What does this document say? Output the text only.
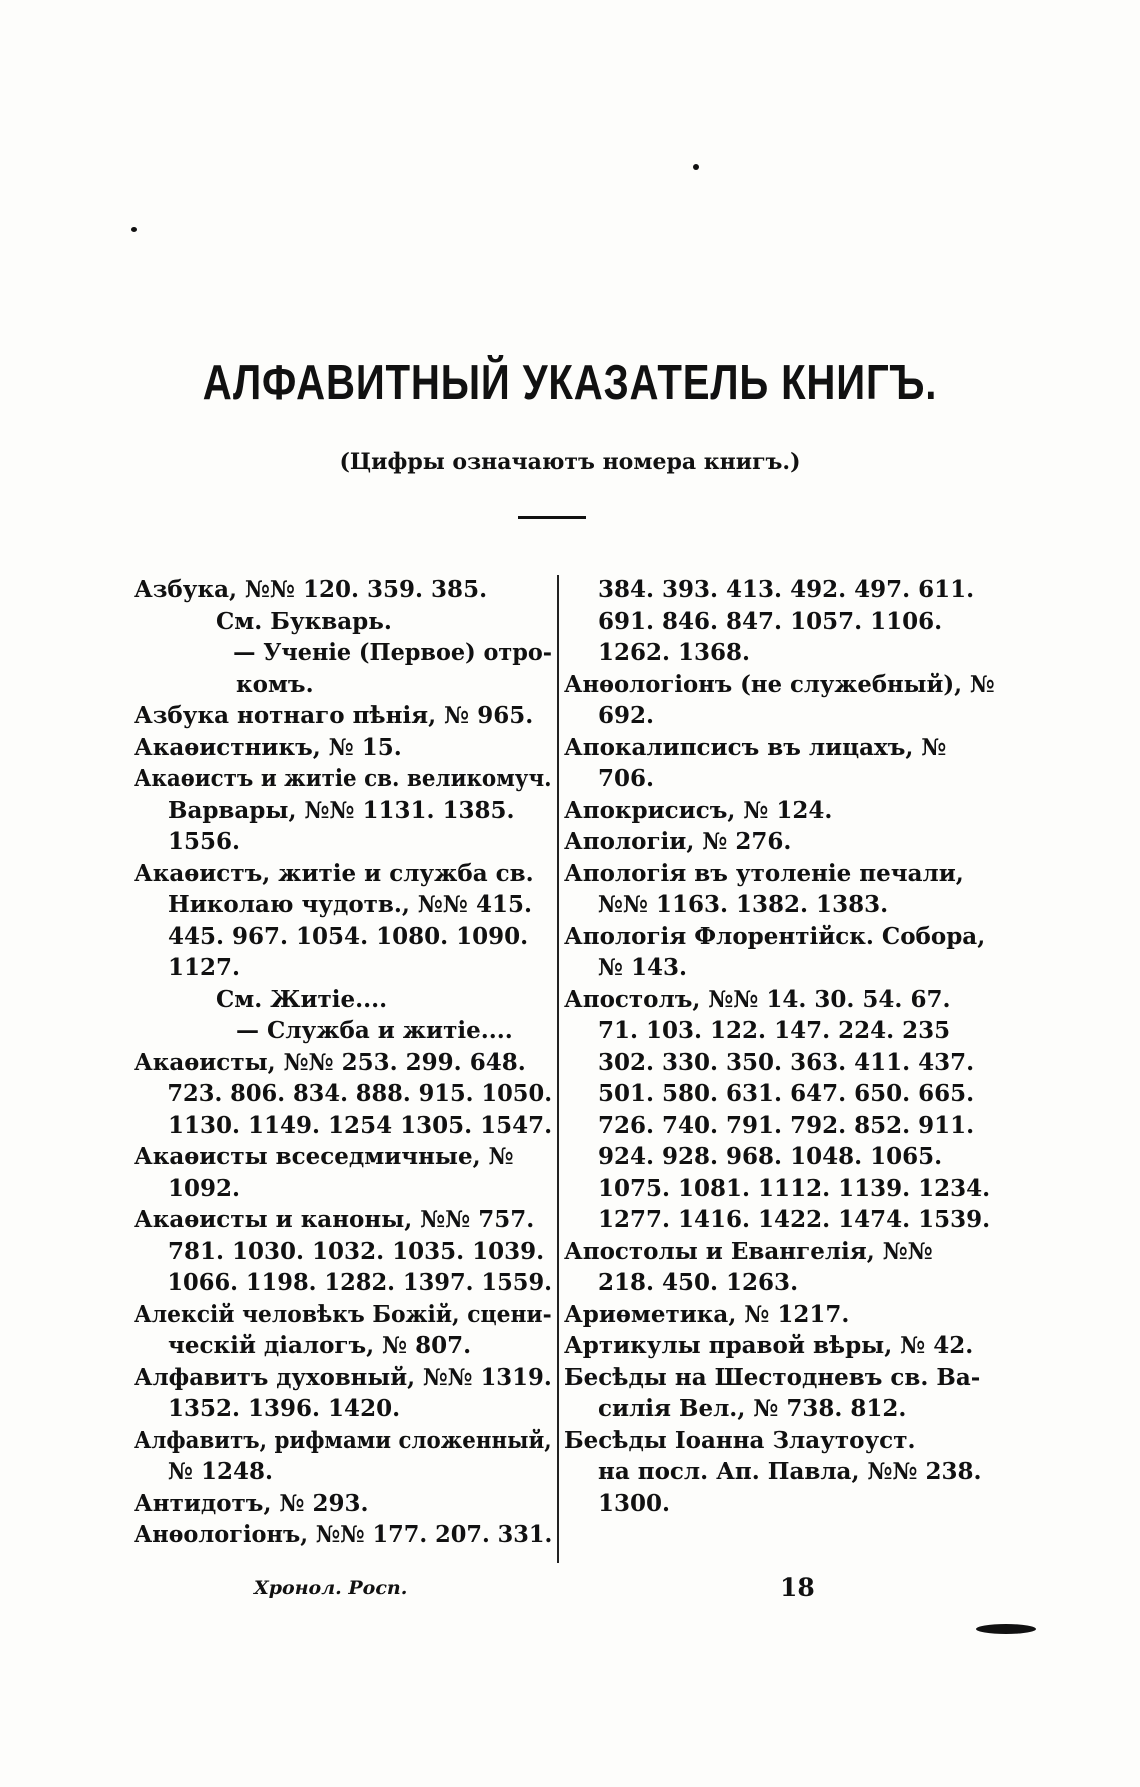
АЛФАВИТНЫЙ УКАЗАТЕЛЬ КНИГЪ.
(Цифры означаютъ номера книгъ.)
Азбука, №№ 120. 359. 385.
См. Букварь.
— Ученіе (Первое) отро-
комъ.
Азбука нотнаго пѣнія, № 965.
Акаѳистникъ, № 15.
Акаѳистъ и житіе св. великомуч.
Варвары, №№ 1131. 1385.
1556.
Акаѳистъ, житіе и служба св.
Николаю чудотв., №№ 415.
445. 967. 1054. 1080. 1090.
1127.
См. Житіе....
— Служба и житіе....
Акаѳисты, №№ 253. 299. 648.
723. 806. 834. 888. 915. 1050.
1130. 1149. 1254 1305. 1547.
Акаѳисты всеседмичные, №
1092.
Акаѳисты и каноны, №№ 757.
781. 1030. 1032. 1035. 1039.
1066. 1198. 1282. 1397. 1559.
Алексій человѣкъ Божій, сцени-
ческій діалогъ, № 807.
Алфавитъ духовный, №№ 1319.
1352. 1396. 1420.
Алфавитъ, рифмами сложенный,
№ 1248.
Антидотъ, № 293.
Анѳологіонъ, №№ 177. 207. 331.
384. 393. 413. 492. 497. 611.
691. 846. 847. 1057. 1106.
1262. 1368.
Анѳологіонъ (не служебный), №
692.
Апокалипсисъ въ лицахъ, №
706.
Апокрисисъ, № 124.
Апологіи, № 276.
Апологія въ утоленіе печали,
№№ 1163. 1382. 1383.
Апологія Флорентійск. Собора,
№ 143.
Апостолъ, №№ 14. 30. 54. 67.
71. 103. 122. 147. 224. 235
302. 330. 350. 363. 411. 437.
501. 580. 631. 647. 650. 665.
726. 740. 791. 792. 852. 911.
924. 928. 968. 1048. 1065.
1075. 1081. 1112. 1139. 1234.
1277. 1416. 1422. 1474. 1539.
Апостолы и Евангелія, №№
218. 450. 1263.
Ариѳметика, № 1217.
Артикулы правой вѣры, № 42.
Бесѣды на Шестодневъ св. Ва-
силія Вел., № 738. 812.
Бесѣды Іоанна Злаутоуст.
на посл. Ап. Павла, №№ 238.
1300.
Хронол. Росп.	18
